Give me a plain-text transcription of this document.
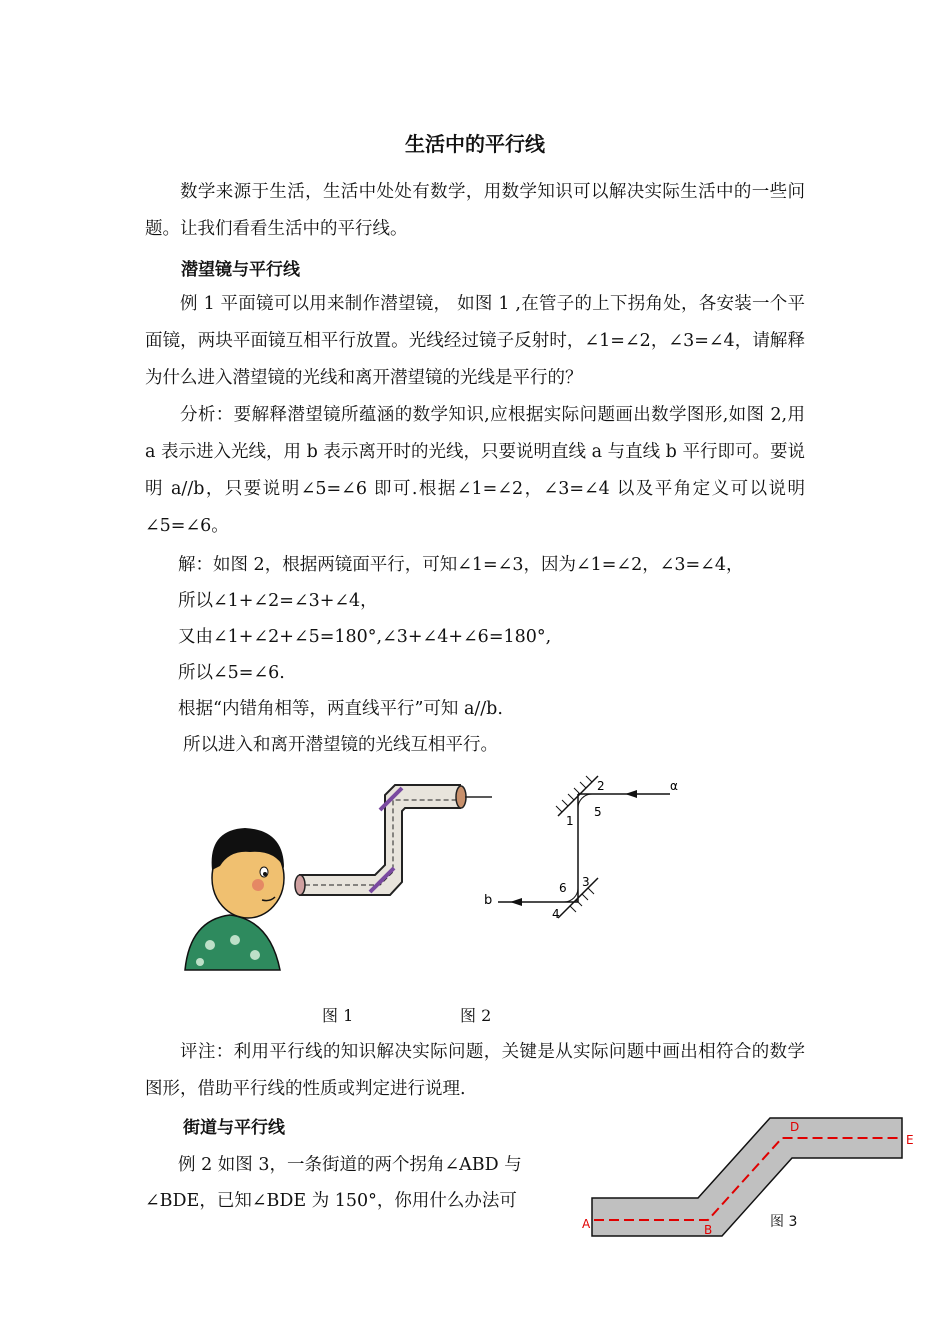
生活中的平行线
数学来源于生活，生活中处处有数学，用数学知识可以解决实际生活中的一些问题。让我们看看生活中的平行线。
潜望镜与平行线
例 1 平面镜可以用来制作潜望镜， 如图 1 ,在管子的上下拐角处，各安装一个平面镜，两块平面镜互相平行放置。光线经过镜子反射时，∠1=∠2，∠3=∠4，请解释为什么进入潜望镜的光线和离开潜望镜的光线是平行的？
分析：要解释潜望镜所蕴涵的数学知识,应根据实际问题画出数学图形,如图 2,用 a 表示进入光线，用 b 表示离开时的光线，只要说明直线 a 与直线 b 平行即可。要说明 a//b，只要说明∠5=∠6 即可.根据∠1=∠2，∠3=∠4 以及平角定义可以说明∠5=∠6。
解：如图 2，根据两镜面平行，可知∠1=∠3，因为∠1=∠2，∠3=∠4，
所以∠1+∠2=∠3+∠4，
又由∠1+∠2+∠5=180°,∠3+∠4+∠6=180°,
所以∠5=∠6.
根据“内错角相等，两直线平行”可知 a//b.
所以进入和离开潜望镜的光线互相平行。
α
b
1
2
5
3
6
4
图 1	图 2
评注：利用平行线的知识解决实际问题，关键是从实际问题中画出相符合的数学图形，借助平行线的性质或判定进行说理.
街道与平行线
例 2 如图 3，一条街道的两个拐角∠ABD 与
∠BDE，已知∠BDE 为 150°，你用什么办法可
A	B
D
E
图 3
